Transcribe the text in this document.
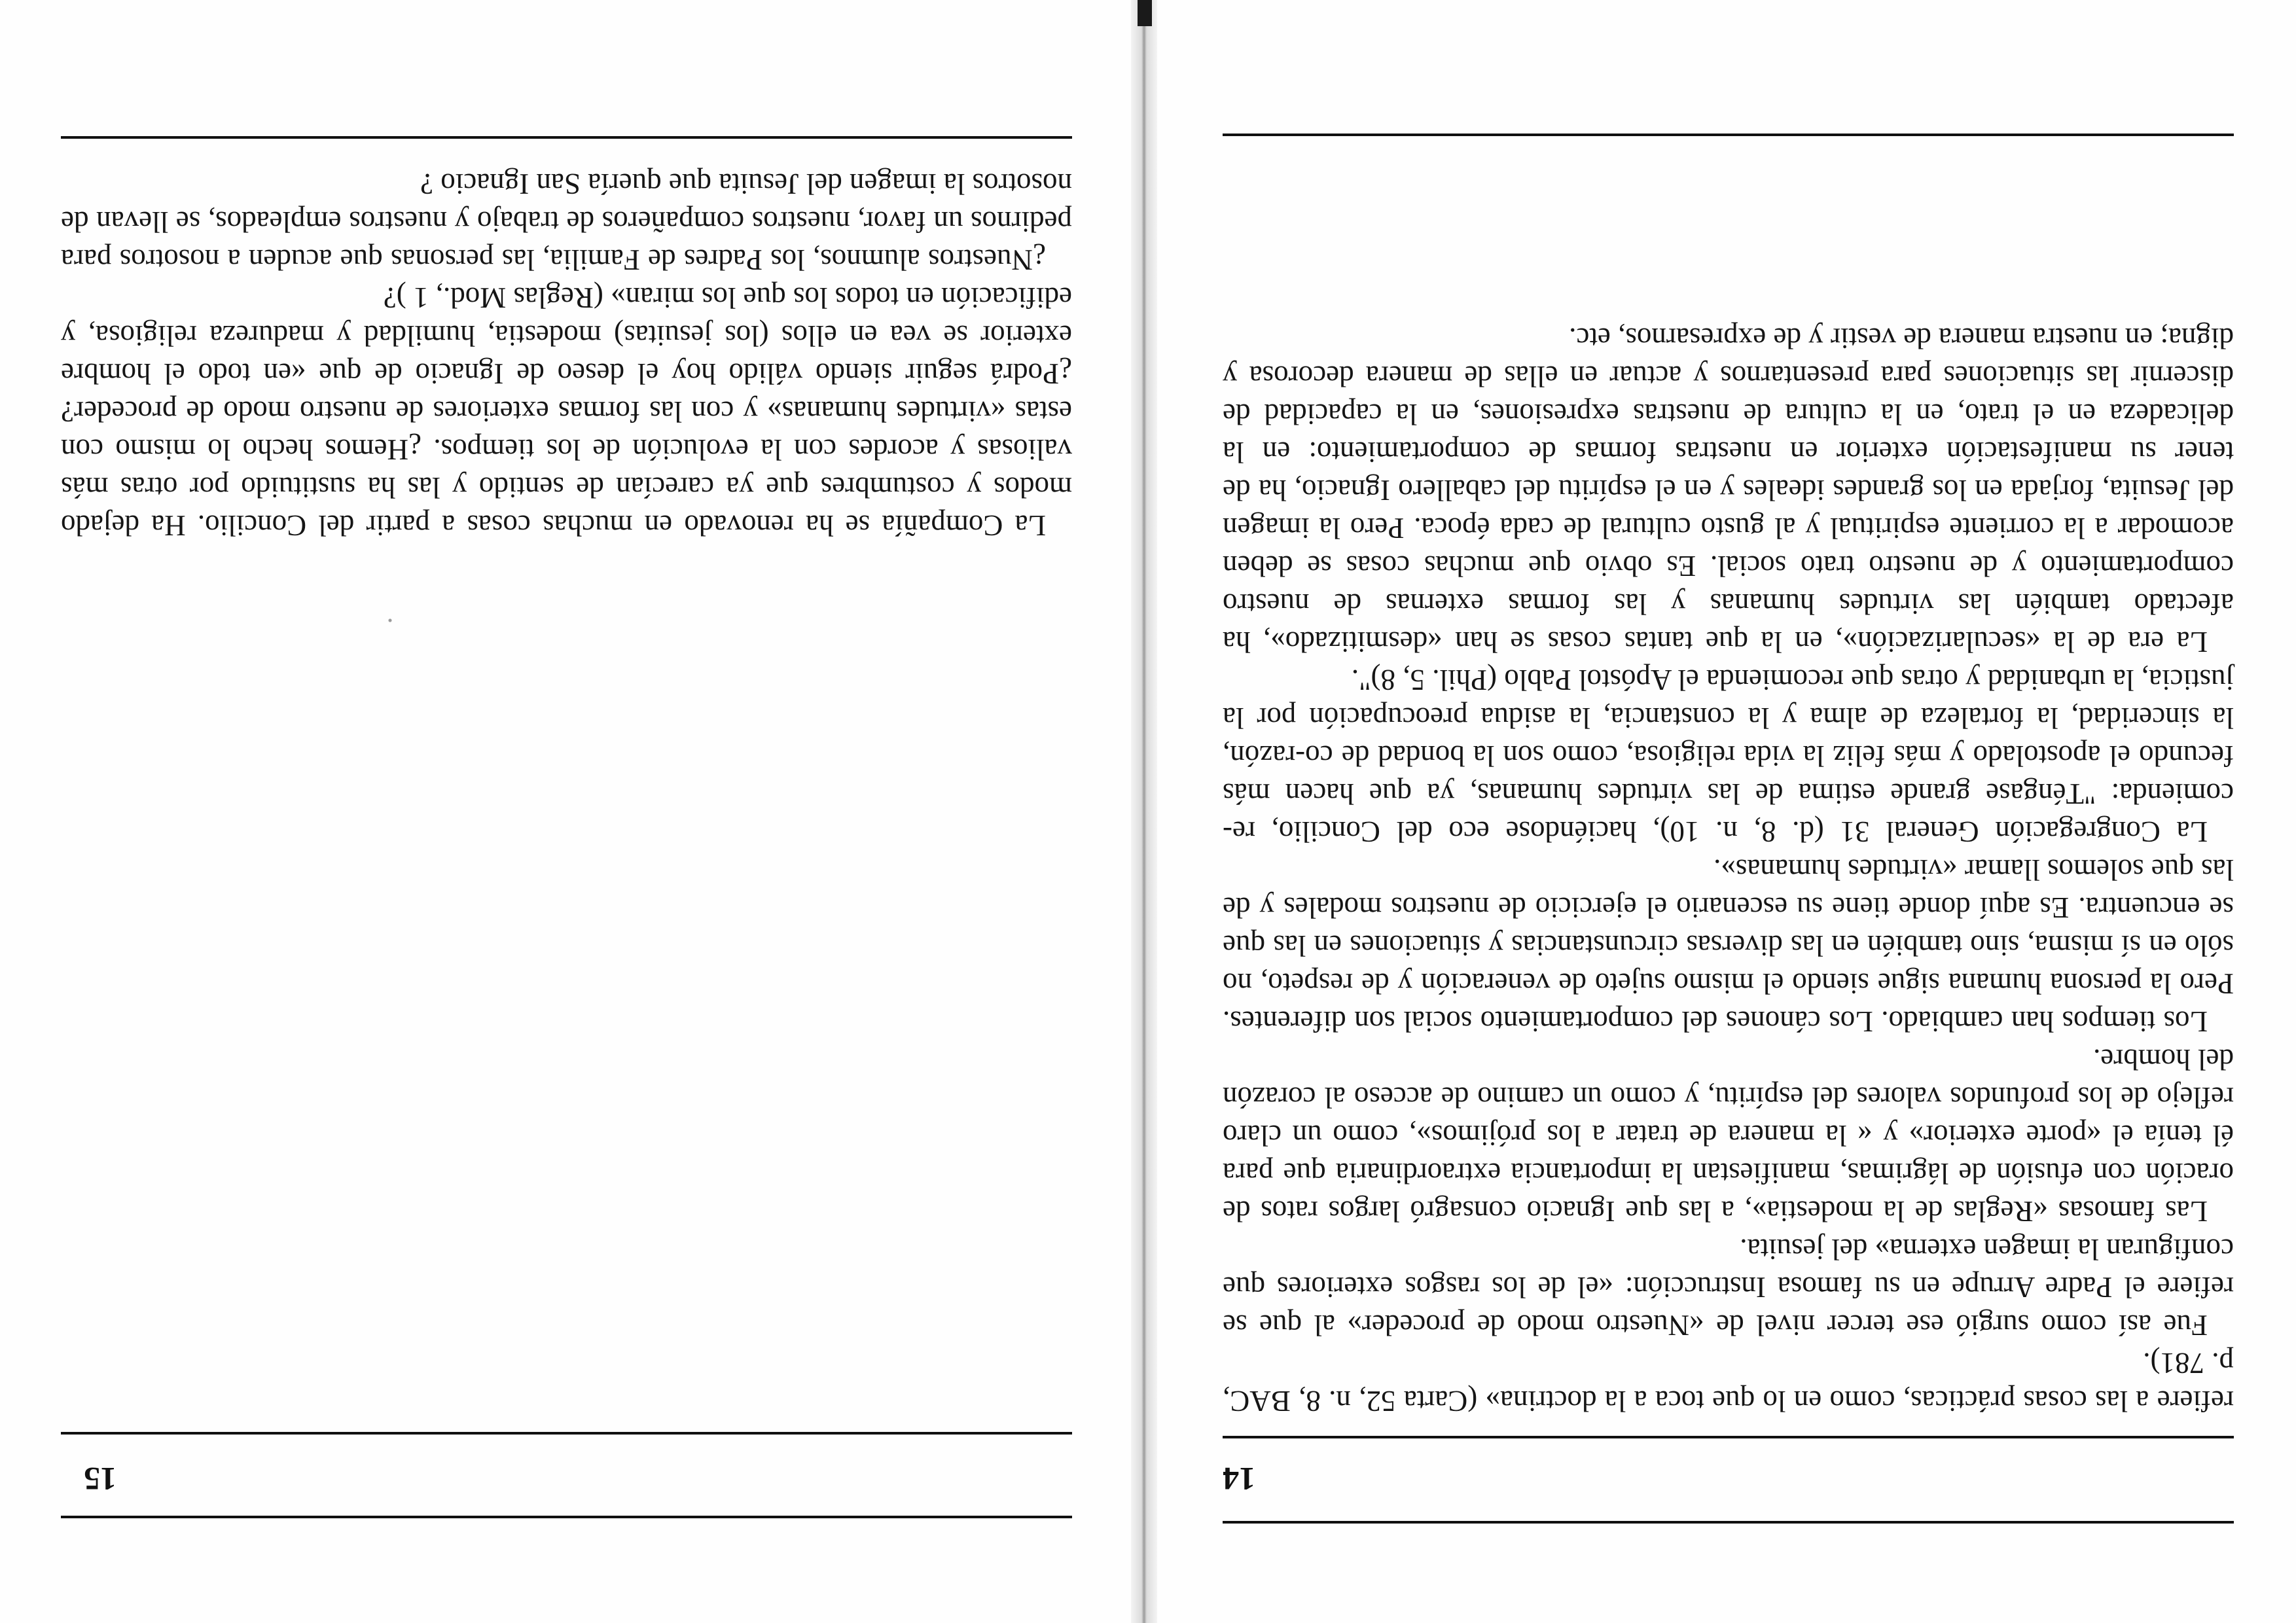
14

refiere a las cosas prácticas, como en lo que toca a la doctrina» (Carta 52, n. 8, BAC, p. 781).

Fue así como surgió ese tercer nivel de «Nuestro modo de proceder» al que se refiere el Padre Arrupe en su famosa Instrucción: «el de los rasgos exteriores que configuran la imagen externa» del jesuita.

Las famosas «Reglas de la modestia», a las que Ignacio consagró largos ratos de oración con efusión de lágrimas, manifiestan la importancia extraordinaria que para él tenía el «porte exterior» y « la manera de tratar a los prójimos», como un claro reflejo de los profundos valores del espíritu, y como un camino de acceso al corazón del hombre.

Los tiempos han cambiado. Los cánones del comportamiento social son diferentes. Pero la persona humana sigue siendo el mismo sujeto de veneración y de respeto, no sólo en sí misma, sino también en las diversas circunstancias y situaciones en las que se encuentra. Es aquí donde tiene su escenario el ejercicio de nuestros modales y de las que solemos llamar «virtudes humanas».

La Congregación General 31 (d. 8, n. 10), haciéndose eco del Concilio, re-comienda: "Téngase grande estima de las virtudes humanas, ya que hacen más fecundo el apostolado y más feliz la vida religiosa, como son la bondad de co-razón, la sinceridad, la fortaleza de alma y la constancia, la asidua preocupación por la justicia, la urbanidad y otras que recomienda el Apóstol Pablo (Phil. 5, 8)".

La era de la «secularización», en la que tantas cosas se han «desmitizado», ha afectado también las virtudes humanas y las formas externas de nuestro comportamiento y de nuestro trato social. Es obvio que muchas cosas se deben acomodar a la corriente espiritual y al gusto cultural de cada época. Pero la imagen del Jesuita, forjada en los grandes ideales y en el espíritu del caballero Ignacio, ha de tener su manifestación exterior en nuestras formas de comportamiento: en la delicadeza en el trato, en la cultura de nuestras expresiones, en la capacidad de discernir las situaciones para presentarnos y actuar en ellas de manera decorosa y digna; en nuestra manera de vestir y de expresarnos, etc.

15

La Compañía se ha renovado en muchas cosas a partir del Concilio. Ha dejado modos y costumbres que ya carecían de sentido y las ha sustituido por otras más valiosas y acordes con la evolución de los tiempos. ¿Hemos hecho lo mismo con estas «virtudes humanas» y con las formas exteriores de nuestro modo de proceder? ¿Podrá seguir siendo válido hoy el deseo de Ignacio de que «en todo el hombre exterior se vea en ellos (los jesuitas) modestia, humildad y madureza religiosa, y edificación en todos los que los miran» (Reglas Mod., 1 )?

¿Nuestros alumnos, los Padres de Familia, las personas que acuden a nosotros para pedirnos un favor, nuestros compañeros de trabajo y nuestros empleados, se llevan de nosotros la imagen del Jesuita que quería San Ignacio ?
